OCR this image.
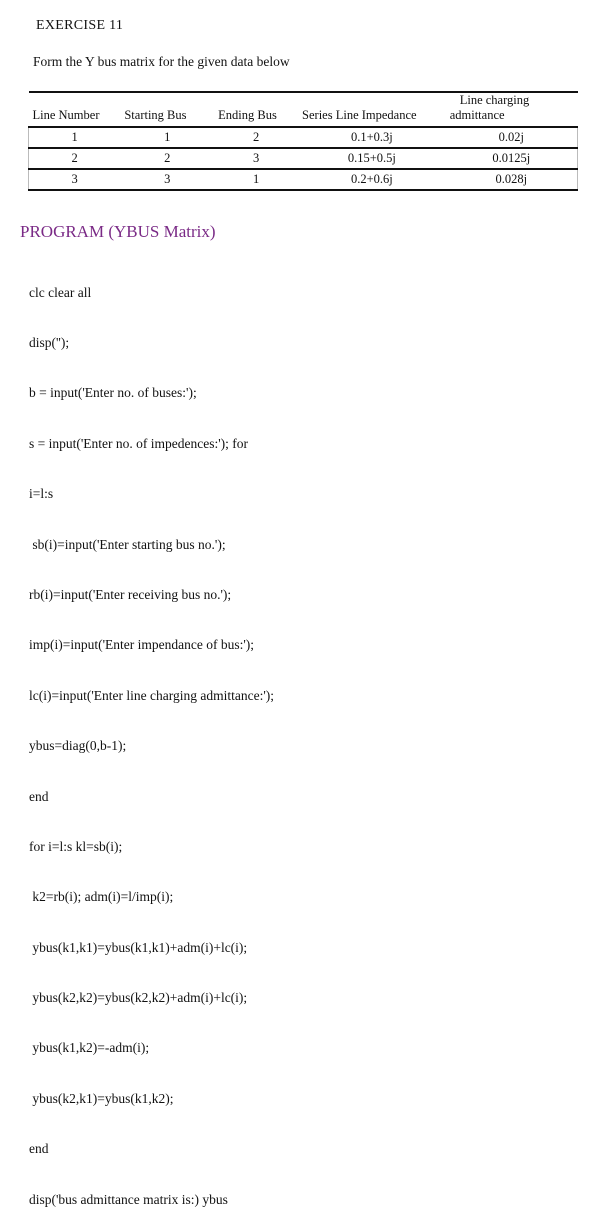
EXERCISE 11
Form the Y bus matrix for the given data below
Line Number	Starting Bus	Ending Bus	Series Line Impedance	Line charging
admittance

1	1	2	0.1+0.3j	0.02j
2	2	3	0.15+0.5j	0.0125j
3	3	1	0.2+0.6j	0.028j
PROGRAM (YBUS Matrix)

clc clear all

disp('');

b = input('Enter no. of buses:');

s = input('Enter no. of impedences:'); for

i=l:s

sb(i)=input('Enter starting bus no.');

rb(i)=input('Enter receiving bus no.');

imp(i)=input('Enter impendance of bus:');

lc(i)=input('Enter line charging admittance:');

ybus=diag(0,b-1);

end

for i=l:s kl=sb(i);

k2=rb(i); adm(i)=l/imp(i);

ybus(k1,k1)=ybus(k1,k1)+adm(i)+lc(i);

ybus(k2,k2)=ybus(k2,k2)+adm(i)+lc(i);

ybus(k1,k2)=-adm(i);

ybus(k2,k1)=ybus(k1,k2);

end

disp('bus admittance matrix is:) ybus
